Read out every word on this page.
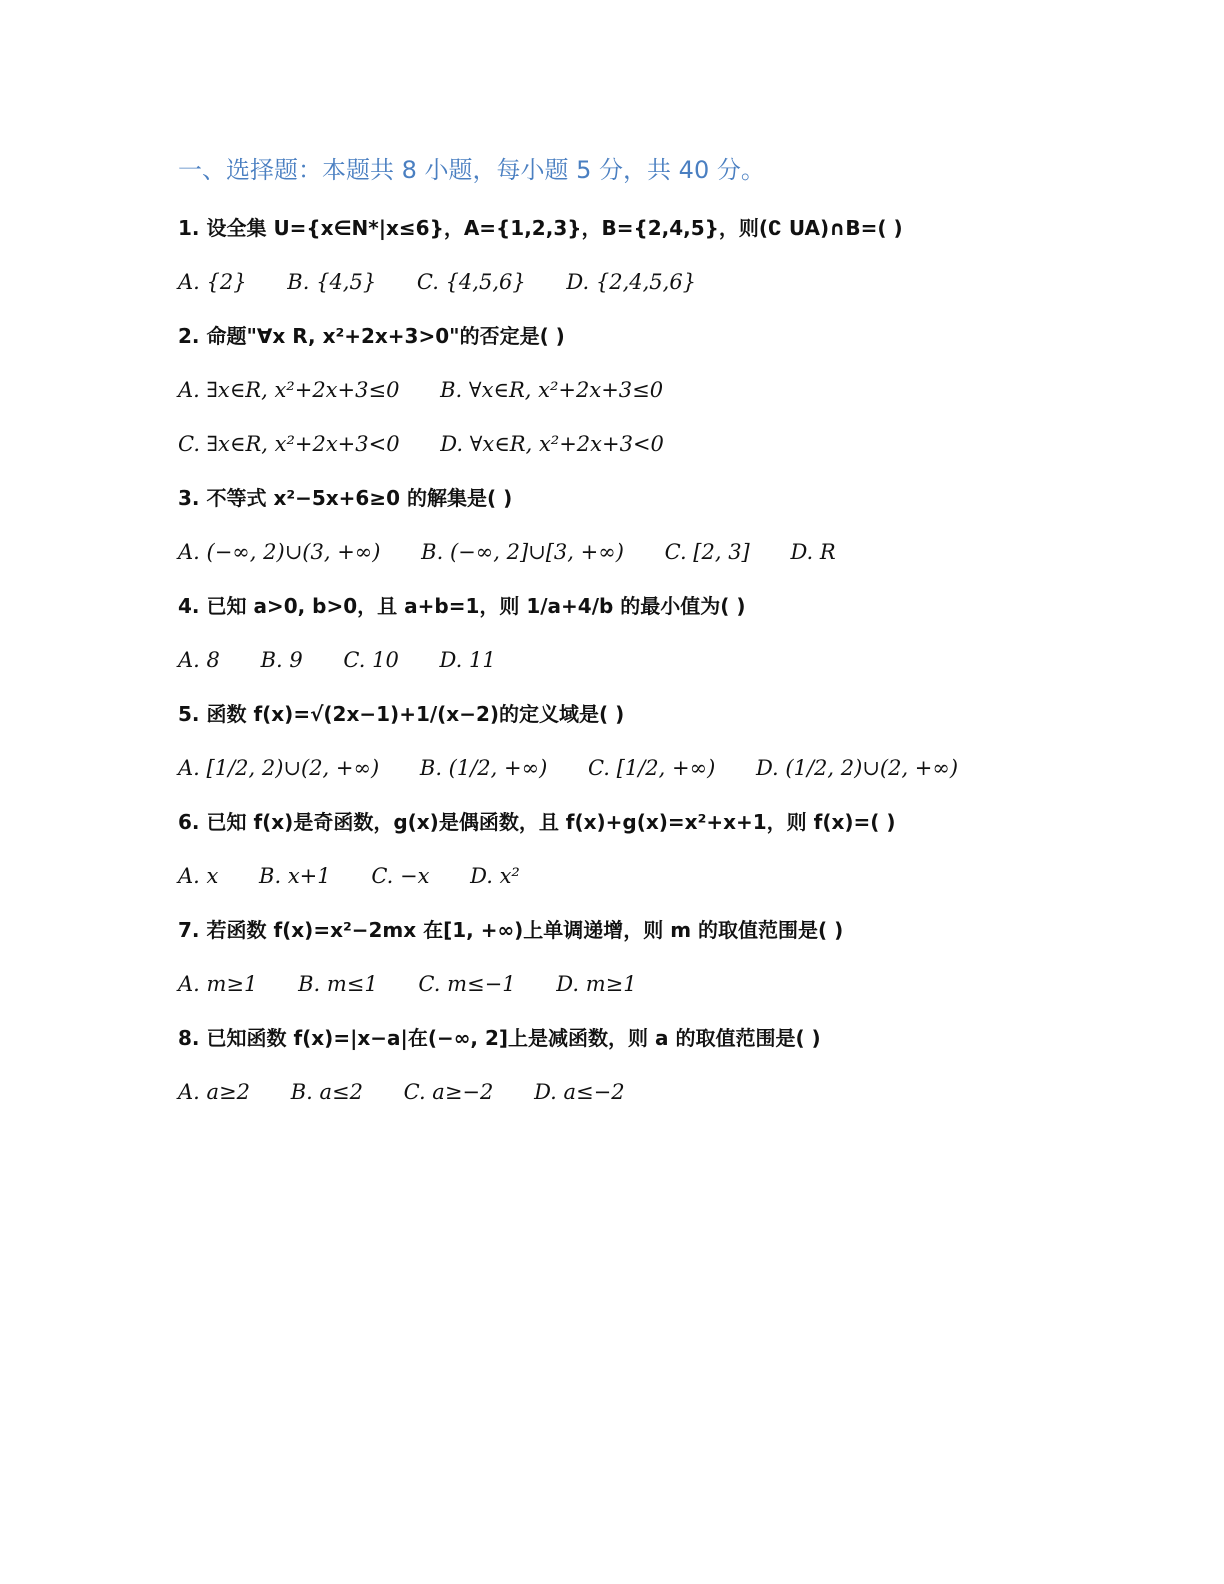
一、选择题：本题共 8 小题，每小题 5 分，共 40 分。
1. 设全集 U={x∈N*|x≤6}，A={1,2,3}，B={2,4,5}，则(∁ UA)∩B=( )
A. {2} B. {4,5} C. {4,5,6} D. {2,4,5,6}
2. 命题"∀x R, x²+2x+3>0"的否定是( )
A. ∃x∈R, x²+2x+3≤0 B. ∀x∈R, x²+2x+3≤0
C. ∃x∈R, x²+2x+3<0 D. ∀x∈R, x²+2x+3<0
3. 不等式 x²−5x+6≥0 的解集是( )
A. (−∞, 2)∪(3, +∞) B. (−∞, 2]∪[3, +∞) C. [2, 3] D. R
4. 已知 a>0, b>0，且 a+b=1，则 1/a+4/b 的最小值为( )
A. 8 B. 9 C. 10 D. 11
5. 函数 f(x)=√(2x−1)+1/(x−2)的定义域是( )
A. [1/2, 2)∪(2, +∞) B. (1/2, +∞) C. [1/2, +∞) D. (1/2, 2)∪(2, +∞)
6. 已知 f(x)是奇函数，g(x)是偶函数，且 f(x)+g(x)=x²+x+1，则 f(x)=( )
A. x B. x+1 C. −x D. x²
7. 若函数 f(x)=x²−2mx 在[1, +∞)上单调递增，则 m 的取值范围是( )
A. m≥1 B. m≤1 C. m≤−1 D. m≥1
8. 已知函数 f(x)=|x−a|在(−∞, 2]上是减函数，则 a 的取值范围是( )
A. a≥2 B. a≤2 C. a≥−2 D. a≤−2
